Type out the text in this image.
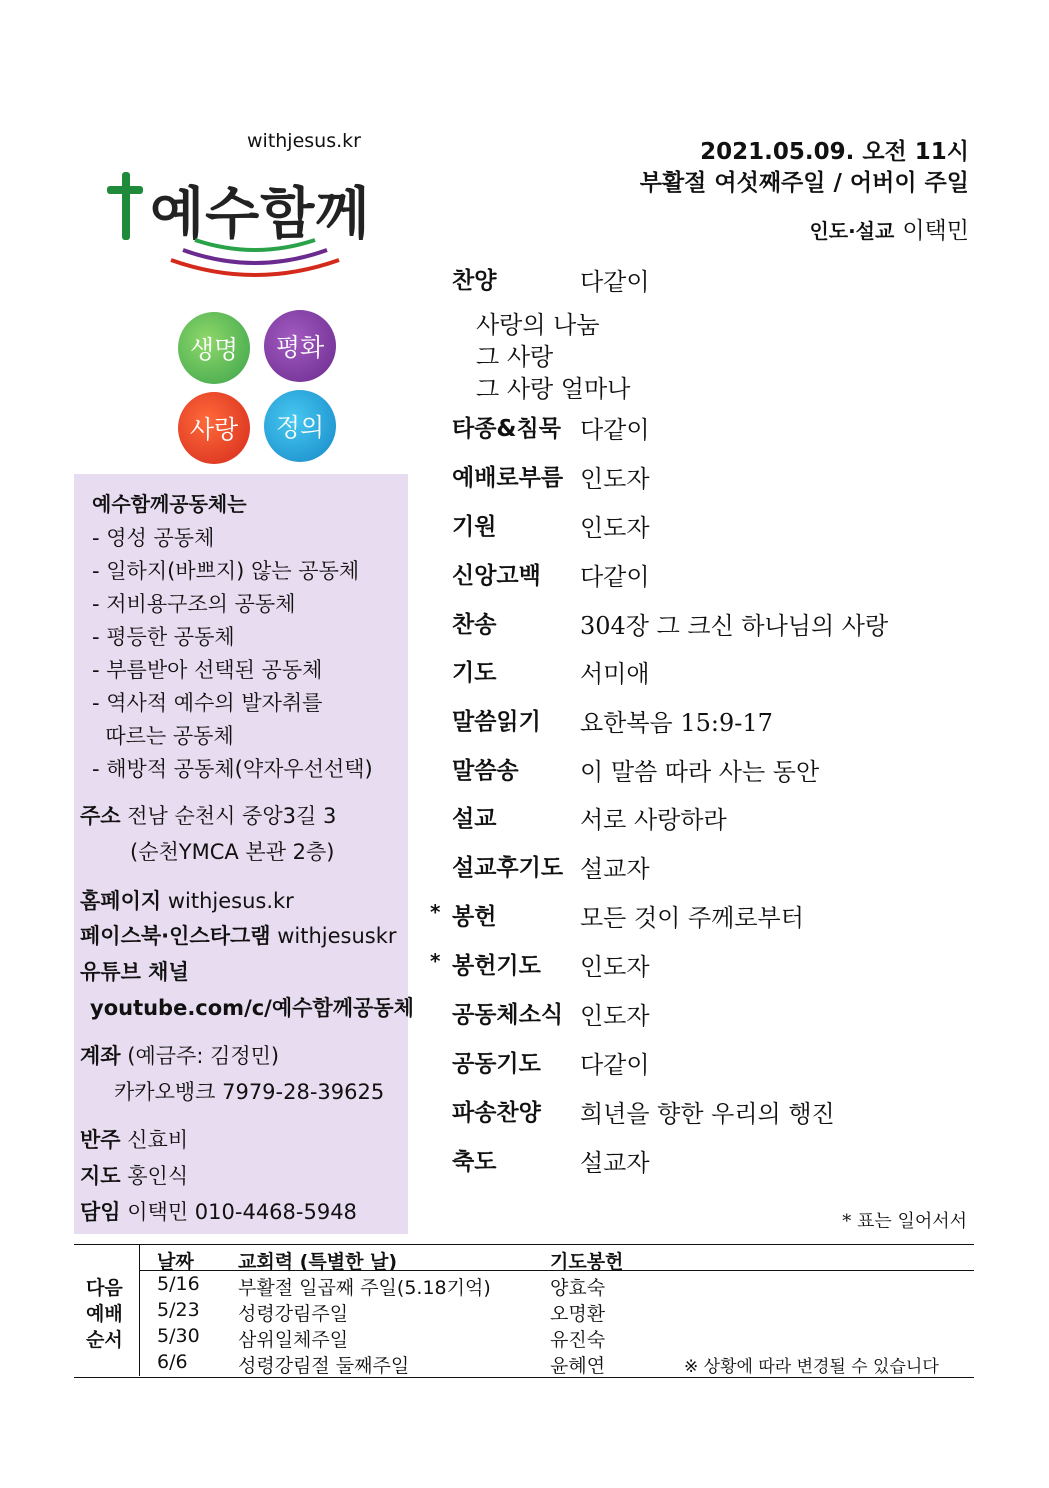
withjesus.kr
예수함께
생명 평화
사랑 정의
예수함께공동체는
- 영성 공동체
- 일하지(바쁘지) 않는 공동체
- 저비용구조의 공동체
- 평등한 공동체
- 부름받아 선택된 공동체
- 역사적 예수의 발자취를
따르는 공동체
- 해방적 공동체(약자우선선택)
주소 전남 순천시 중앙3길 3
(순천YMCA 본관 2층)
홈페이지 withjesus.kr
페이스북·인스타그램 withjesuskr
유튜브 채널
youtube.com/c/예수함께공동체
계좌 (예금주: 김정민)
카카오뱅크 7979-28-39625
반주 신효비
지도 홍인식
담임 이택민 010-4468-5948
2021.05.09. 오전 11시
부활절 여섯째주일 / 어버이 주일
인도·설교 이택민
찬양	다같이
타종&침묵 다같이
예배로부름 인도자
기원	인도자
신앙고백 다같이
찬송	304장 그 크신 하나님의 사랑
기도	서미애
말씀읽기 요한복음 15:9-17
말씀송	이 말씀 따라 사는 동안
설교	서로 사랑하라
설교후기도 설교자
* 봉헌	모든 것이 주께로부터
* 봉헌기도 인도자
공동체소식 인도자
공동기도 다같이
파송찬양 희년을 향한 우리의 행진
축도	설교자
사랑의 나눔
그 사랑
그 사랑 얼마나
* 표는 일어서서
날짜 교회력 (특별한 날)	기도봉헌
다음
예배
순서
5/16 부활절 일곱째 주일(5.18기억)	양효숙
5/23 성령강림주일	오명환
5/30 삼위일체주일	유진숙
6/6	성령강림절 둘째주일	윤혜연	※ 상황에 따라 변경될 수 있습니다
